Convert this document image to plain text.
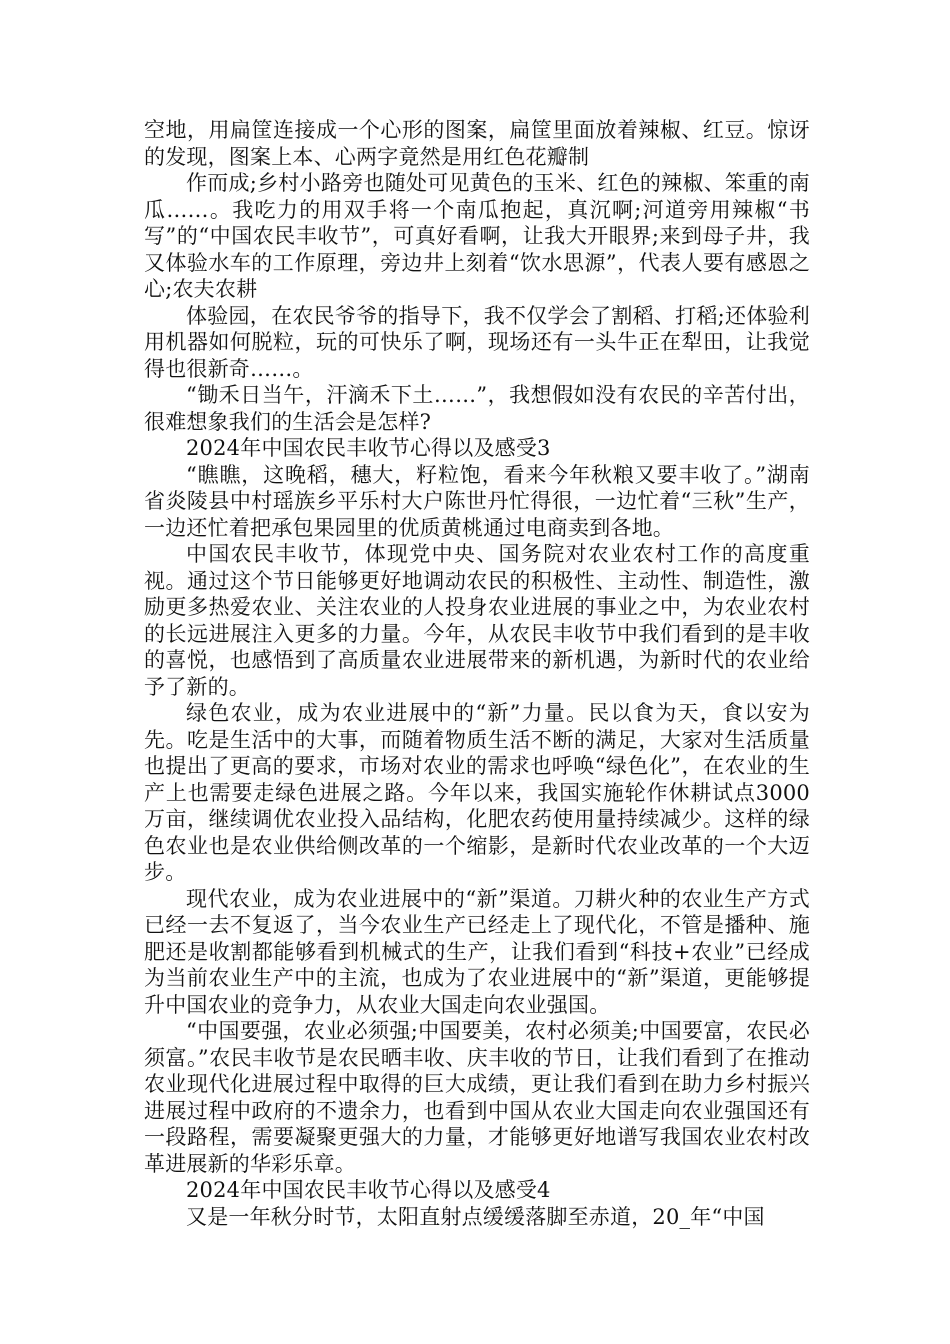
空地，用扁筐连接成一个心形的图案，扁筐里面放着辣椒、红豆。惊讶的发现，图案上本、心两字竟然是用红色花瓣制

作而成;乡村小路旁也随处可见黄色的玉米、红色的辣椒、笨重的南瓜……。我吃力的用双手将一个南瓜抱起，真沉啊;河道旁用辣椒“书写”的“中国农民丰收节”，可真好看啊，让我大开眼界;来到母子井，我又体验水车的工作原理，旁边井上刻着“饮水思源”，代表人要有感恩之心;农夫农耕

体验园，在农民爷爷的指导下，我不仅学会了割稻、打稻;还体验利用机器如何脱粒，玩的可快乐了啊，现场还有一头牛正在犁田，让我觉得也很新奇……。

“锄禾日当午，汗滴禾下土……”，我想假如没有农民的辛苦付出，很难想象我们的生活会是怎样?

2024年中国农民丰收节心得以及感受3

“瞧瞧，这晚稻，穗大，籽粒饱，看来今年秋粮又要丰收了。”湖南省炎陵县中村瑶族乡平乐村大户陈世丹忙得很，一边忙着“三秋”生产，一边还忙着把承包果园里的优质黄桃通过电商卖到各地。

中国农民丰收节，体现党中央、国务院对农业农村工作的高度重视。通过这个节日能够更好地调动农民的积极性、主动性、制造性，激励更多热爱农业、关注农业的人投身农业进展的事业之中，为农业农村的长远进展注入更多的力量。今年，从农民丰收节中我们看到的是丰收的喜悦，也感悟到了高质量农业进展带来的新机遇，为新时代的农业给予了新的。

绿色农业，成为农业进展中的“新”力量。民以食为天，食以安为先。吃是生活中的大事，而随着物质生活不断的满足，大家对生活质量也提出了更高的要求，市场对农业的需求也呼唤“绿色化”，在农业的生产上也需要走绿色进展之路。今年以来，我国实施轮作休耕试点3000万亩，继续调优农业投入品结构，化肥农药使用量持续减少。这样的绿色农业也是农业供给侧改革的一个缩影，是新时代农业改革的一个大迈步。

现代农业，成为农业进展中的“新”渠道。刀耕火种的农业生产方式已经一去不复返了，当今农业生产已经走上了现代化，不管是播种、施肥还是收割都能够看到机械式的生产，让我们看到“科技+农业”已经成为当前农业生产中的主流，也成为了农业进展中的“新”渠道，更能够提升中国农业的竞争力，从农业大国走向农业强国。

“中国要强，农业必须强;中国要美，农村必须美;中国要富，农民必须富。”农民丰收节是农民晒丰收、庆丰收的节日，让我们看到了在推动农业现代化进展过程中取得的巨大成绩，更让我们看到在助力乡村振兴进展过程中政府的不遗余力，也看到中国从农业大国走向农业强国还有一段路程，需要凝聚更强大的力量，才能够更好地谱写我国农业农村改革进展新的华彩乐章。

2024年中国农民丰收节心得以及感受4

又是一年秋分时节，太阳直射点缓缓落脚至赤道，20_年“中国
